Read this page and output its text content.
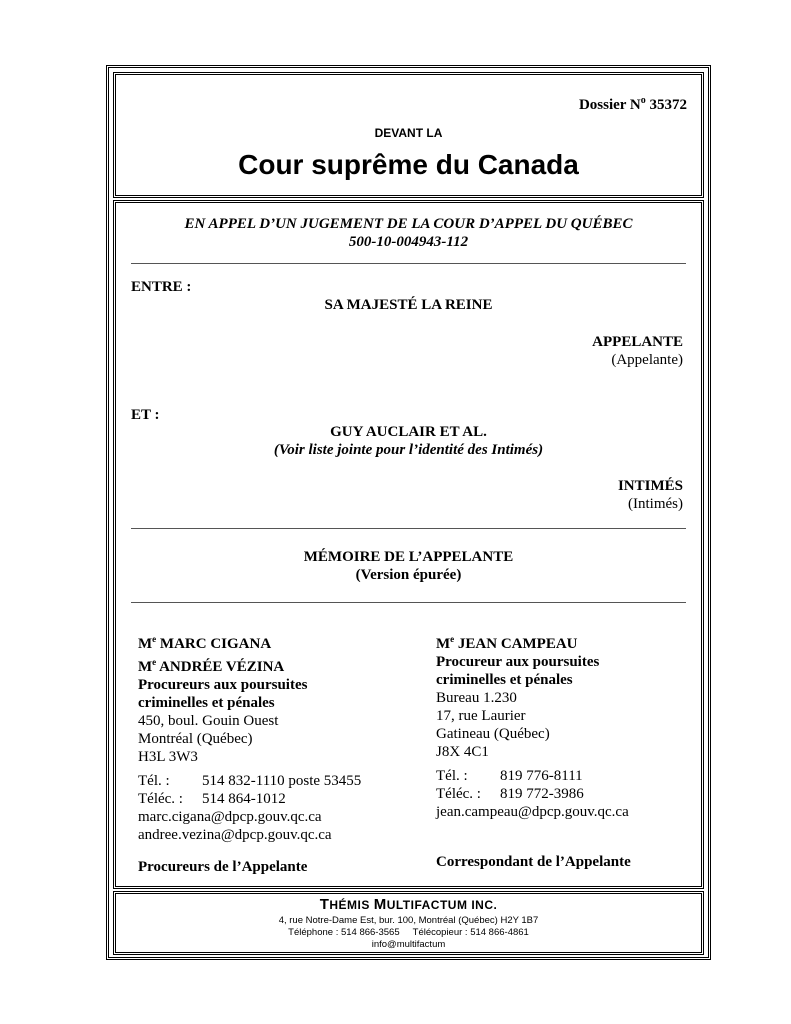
Dossier $N^o$ 35372
DEVANT LA
Cour suprême du Canada
EN APPEL D’UN JUGEMENT DE LA COUR D’APPEL DU QUÉBEC
500-10-004943-112
ENTRE :
SA MAJESTÉ LA REINE
APPELANTE
(Appelante)
ET :
GUY AUCLAIR ET AL.
(Voir liste jointe pour l’identité des Intimés)
INTIMÉS
(Intimés)
MÉMOIRE DE L’APPELANTE
(Version épurée)
Me MARC CIGANA
Me ANDRÉE VÉZINA
Procureurs aux poursuites
criminelles et pénales
450, boul. Gouin Ouest
Montréal (Québec)
H3L 3W3
Tél. : 514 832-1110 poste 53455
Téléc. : 514 864-1012
marc.cigana@dpcp.gouv.qc.ca
andree.vezina@dpcp.gouv.qc.ca
Procureurs de l’Appelante
Me JEAN CAMPEAU
Procureur aux poursuites
criminelles et pénales
Bureau 1.230
17, rue Laurier
Gatineau (Québec)
J8X 4C1
Tél. : 819 776-8111
Téléc. : 819 772-3986
jean.campeau@dpcp.gouv.qc.ca
Correspondant de l’Appelante
THÉMIS MULTIFACTUM INC.
4, rue Notre-Dame Est, bur. 100, Montréal (Québec) H2Y 1B7
Téléphone : 514 866-3565     Télécopieur : 514 866-4861
info@multifactum
